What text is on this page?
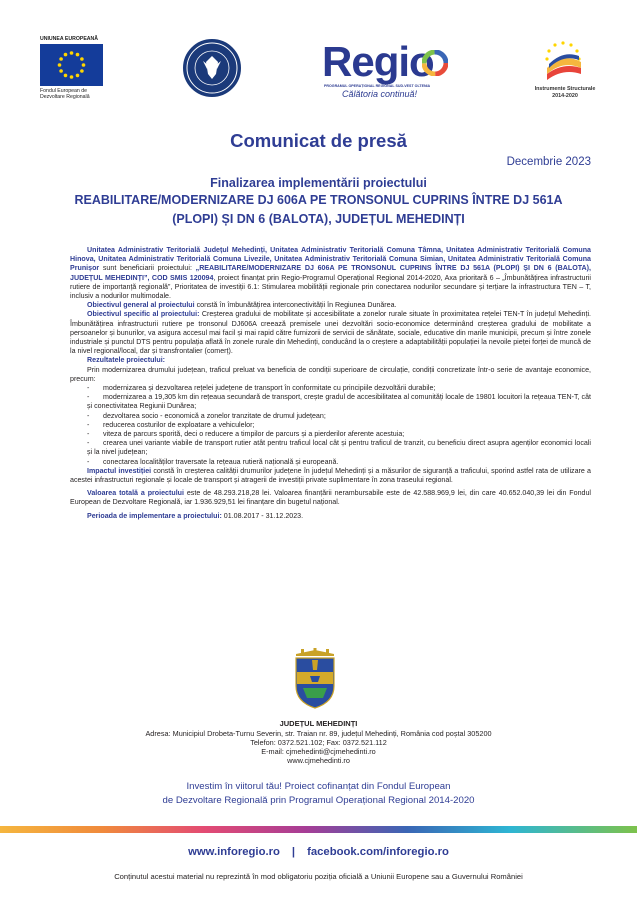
UNIUNEA EUROPEANĂ
Fondul European de
Dezvoltare Regională
Regio
PROGRAMUL OPERAȚIONAL REGIONAL SUD-VEST OLTENIA
Călătoria continuă!	Instrumente Structurale
2014-2020
Comunicat de presă
Decembrie 2023
Finalizarea implementării proiectului
REABILITARE/MODERNIZARE DJ 606A PE TRONSONUL CUPRINS ÎNTRE DJ 561A
(PLOPI) ȘI DN 6 (BALOTA), JUDEȚUL MEHEDINȚI

Unitatea Administrativ Teritorială Județul Mehedinți, Unitatea Administrativ Teritorială Comuna Tâmna, Unitatea Administrativ Teritorială Comuna Hinova, Unitatea Administrativ Teritorială Comuna Livezile, Unitatea Administrativ Teritorială Comuna Simian, Unitatea Administrativ Teritorială Comuna Prunișor sunt beneficiarii proiectului: „REABILITARE/MODERNIZARE DJ 606A PE TRONSONUL CUPRINS ÎNTRE DJ 561A (PLOPI) ȘI DN 6 (BALOTA), JUDEȚUL MEHEDINȚI”, COD SMIS 120094, proiect finanțat prin Regio-Programul Operațional Regional 2014-2020, Axa prioritară 6 – „Îmbunătățirea infrastructurii rutiere de importanță regională”, Prioritatea de investiții 6.1: Stimularea mobilității regionale prin conectarea nodurilor secundare și terțiare la infrastructura TEN – T, inclusiv a nodurilor multimodale.

Obiectivul general al proiectului constă în îmbunătățirea interconectivității în Regiunea Dunărea.

Obiectivul specific al proiectului: Creșterea gradului de mobilitate și accesibilitate a zonelor rurale situate în proximitatea rețelei TEN-T în județul Mehedinți. Îmbunătățirea infrastructurii rutiere pe tronsonul DJ606A creează premisele unei dezvoltări socio-economice determinând creșterea gradului de mobilitate a persoanelor și bunurilor, va asigura accesul mai facil și mai rapid către furnizorii de servicii de sănătate, sociale, educative din marile municipii, precum și între zonele industriale și punctul DTS pentru populația aflată în zonele rurale din Mehedinți, conducând la o creștere a adaptabilității populației la nevoile pieței forței de muncă de la nivel regional/local, dar și transfrontalier (comerț).

Rezultatele proiectului:

Prin modernizarea drumului județean, traficul preluat va beneficia de condiții superioare de circulație, condiții concretizate într-o serie de avantaje economice, precum:

- modernizarea și dezvoltarea rețelei județene de transport în conformitate cu principiile dezvoltării durabile;

- modernizarea a 19,305 km din rețeaua secundară de transport, crește gradul de accesibilitatea al comunități locale de 19801 locuitori la rețeaua TEN-T, cât și conectivitatea Regiunii Dunărea;

- dezvoltarea socio - economică a zonelor tranzitate de drumul județean;

- reducerea costurilor de exploatare a vehiculelor;

- viteza de parcurs sporită, deci o reducere a timpilor de parcurs și a pierderilor aferente acestuia;

- crearea unei variante viabile de transport rutier atât pentru traficul local cât și pentru traficul de tranzit, cu beneficiu direct asupra agenților economici locali și la nivel județean;

- conectarea localităților traversate la rețeaua rutieră națională și europeană.

Impactul investiției constă în creșterea calității drumurilor județene în județul Mehedinți și a măsurilor de siguranță a traficului, sporind astfel rata de utilizare a acestei infrastructuri regionale și locale de transport și atragerii de investiții private suplimentare în zona traseului regional.

Valoarea totală a proiectului este de 48.293.218,28 lei. Valoarea finanțării nerambursabile este de 42.588.969,9 lei, din care 40.652.040,39 lei din Fondul European de Dezvoltare Regională, iar 1.936.929,51 lei finanțare din bugetul național.

Perioada de implementare a proiectului: 01.08.2017 - 31.12.2023.

JUDEȚUL MEHEDINȚI
Adresa: Municipiul Drobeta-Turnu Severin, str. Traian nr. 89, județul Mehedinți, România cod poștal 305200
Telefon: 0372.521.102; Fax: 0372.521.112
E-mail: cjmehedinti@cjmehedinti.ro
www.cjmehedinti.ro
Investim în viitorul tău! Proiect cofinanțat din Fondul European
de Dezvoltare Regională prin Programul Operațional Regional 2014-2020
www.inforegio.ro | facebook.com/inforegio.ro
Conținutul acestui material nu reprezintă în mod obligatoriu poziția oficială a Uniunii Europene sau a Guvernului României
